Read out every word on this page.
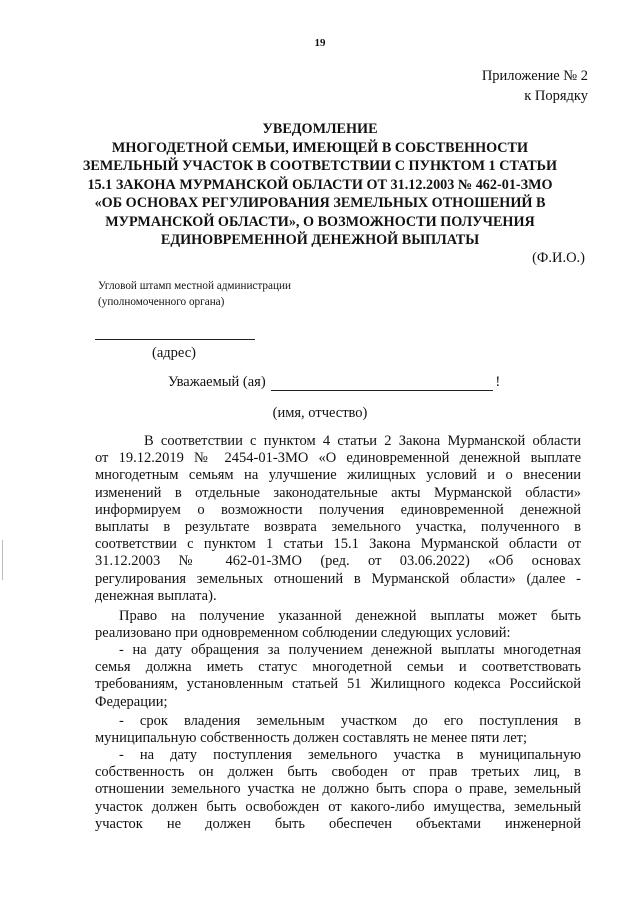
19
Приложение № 2
к Порядку
УВЕДОМЛЕНИЕ
МНОГОДЕТНОЙ СЕМЬИ, ИМЕЮЩЕЙ В СОБСТВЕННОСТИ
ЗЕМЕЛЬНЫЙ УЧАСТОК В СООТВЕТСТВИИ С ПУНКТОМ 1 СТАТЬИ
15.1 ЗАКОНА МУРМАНСКОЙ ОБЛАСТИ ОТ 31.12.2003 № 462-01-ЗМО
«ОБ ОСНОВАХ РЕГУЛИРОВАНИЯ ЗЕМЕЛЬНЫХ ОТНОШЕНИЙ В
МУРМАНСКОЙ ОБЛАСТИ», О ВОЗМОЖНОСТИ ПОЛУЧЕНИЯ
ЕДИНОВРЕМЕННОЙ ДЕНЕЖНОЙ ВЫПЛАТЫ
(Ф.И.О.)
Угловой штамп местной администрации
(уполномоченного органа)
(адрес)
Уважаемый (ая)	!
(имя, отчество)
В соответствии с пунктом 4 статьи 2 Закона Мурманской области
от 19.12.2019 № 2454-01-ЗМО «О единовременной денежной выплате
многодетным семьям на улучшение жилищных условий и о внесении
изменений в отдельные законодательные акты Мурманской области»
информируем о возможности получения единовременной денежной
выплаты в результате возврата земельного участка, полученного в
соответствии с пунктом 1 статьи 15.1 Закона Мурманской области от
31.12.2003 № 462-01-ЗМО (ред. от 03.06.2022) «Об основах
регулирования земельных отношений в Мурманской области» (далее -
денежная выплата).
Право на получение указанной денежной выплаты может быть
реализовано при одновременном соблюдении следующих условий:
- на дату обращения за получением денежной выплаты многодетная
семья должна иметь статус многодетной семьи и соответствовать
требованиям, установленным статьей 51 Жилищного кодекса Российской
Федерации;
- срок владения земельным участком до его поступления в
муниципальную собственность должен составлять не менее пяти лет;
- на дату поступления земельного участка в муниципальную
собственность он должен быть свободен от прав третьих лиц, в
отношении земельного участка не должно быть спора о праве, земельный
участок должен быть освобожден от какого-либо имущества, земельный
участок не должен быть обеспечен объектами инженерной
